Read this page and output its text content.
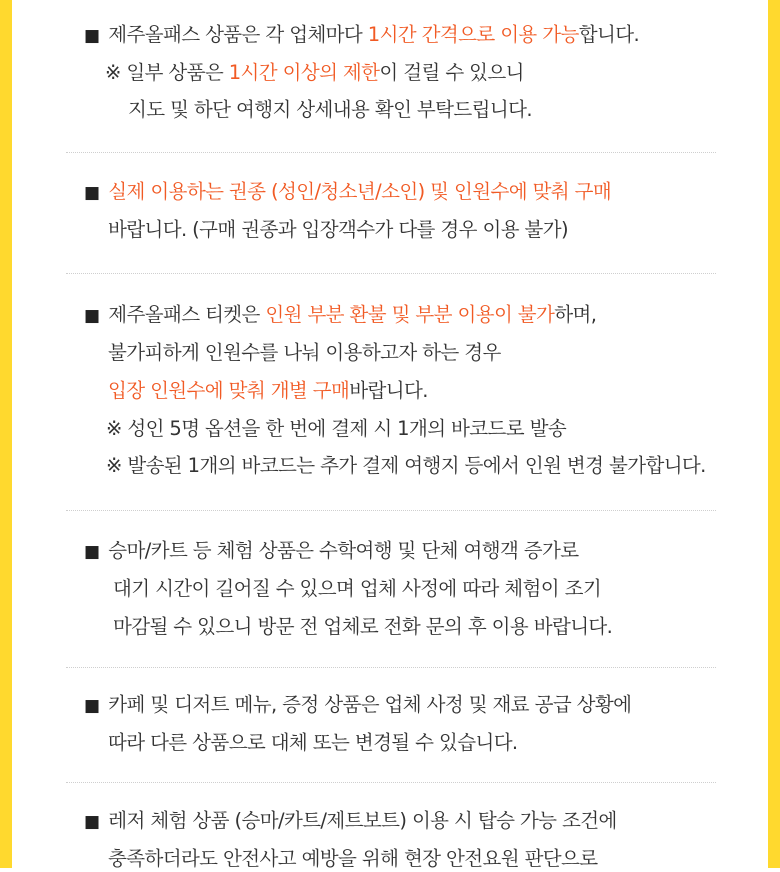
■ 제주올패스 상품은 각 업체마다 1시간 간격으로 이용 가능합니다.
※ 일부 상품은 1시간 이상의 제한이 걸릴 수 있으니
지도 및 하단 여행지 상세내용 확인 부탁드립니다.
■ 실제 이용하는 권종 (성인/청소년/소인) 및 인원수에 맞춰 구매
바랍니다. (구매 권종과 입장객수가 다를 경우 이용 불가)
■ 제주올패스 티켓은 인원 부분 환불 및 부분 이용이 불가하며,
불가피하게 인원수를 나눠 이용하고자 하는 경우
입장 인원수에 맞춰 개별 구매바랍니다.
※ 성인 5명 옵션을 한 번에 결제 시 1개의 바코드로 발송
※ 발송된 1개의 바코드는 추가 결제 여행지 등에서 인원 변경 불가합니다.
■ 승마/카트 등 체험 상품은 수학여행 및 단체 여행객 증가로
대기 시간이 길어질 수 있으며 업체 사정에 따라 체험이 조기
마감될 수 있으니 방문 전 업체로 전화 문의 후 이용 바랍니다.
■ 카페 및 디저트 메뉴, 증정 상품은 업체 사정 및 재료 공급 상황에
따라 다른 상품으로 대체 또는 변경될 수 있습니다.
■ 레저 체험 상품 (승마/카트/제트보트) 이용 시 탑승 가능 조건에
충족하더라도 안전사고 예방을 위해 현장 안전요원 판단으로
